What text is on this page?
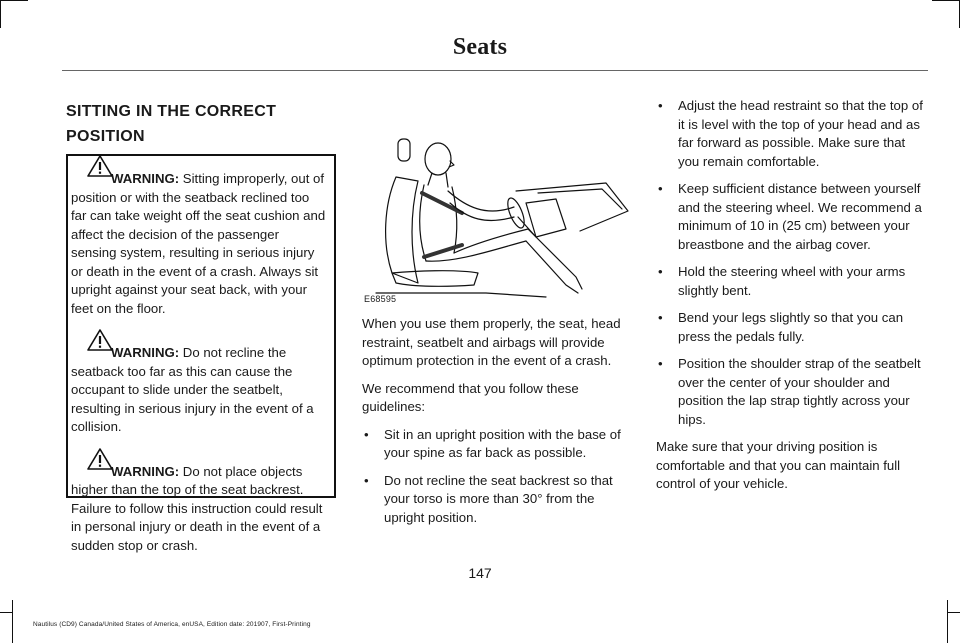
Seats
SITTING IN THE CORRECT POSITION

WARNING: Sitting improperly, out of position or with the seatback reclined too far can take weight off the seat cushion and affect the decision of the passenger sensing system, resulting in serious injury or death in the event of a crash. Always sit upright against your seat back, with your feet on the floor.

WARNING: Do not recline the seatback too far as this can cause the occupant to slide under the seatbelt, resulting in serious injury in the event of a collision.

WARNING: Do not place objects higher than the top of the seat backrest. Failure to follow this instruction could result in personal injury or death in the event of a sudden stop or crash.

E68595

When you use them properly, the seat, head restraint, seatbelt and airbags will provide optimum protection in the event of a crash.

We recommend that you follow these guidelines:

•	Sit in an upright position with the base of your spine as far back as possible.
•	Do not recline the seat backrest so that your torso is more than 30° from the upright position.
•	Adjust the head restraint so that the top of it is level with the top of your head and as far forward as possible. Make sure that you remain comfortable.
•	Keep sufficient distance between yourself and the steering wheel. We recommend a minimum of 10 in (25 cm) between your breastbone and the airbag cover.
•	Hold the steering wheel with your arms slightly bent.
•	Bend your legs slightly so that you can press the pedals fully.
•	Position the shoulder strap of the seatbelt over the center of your shoulder and position the lap strap tightly across your hips.

Make sure that your driving position is comfortable and that you can maintain full control of your vehicle.

147
Nautilus (CD9) Canada/United States of America, enUSA, Edition date: 201907, First-Printing
